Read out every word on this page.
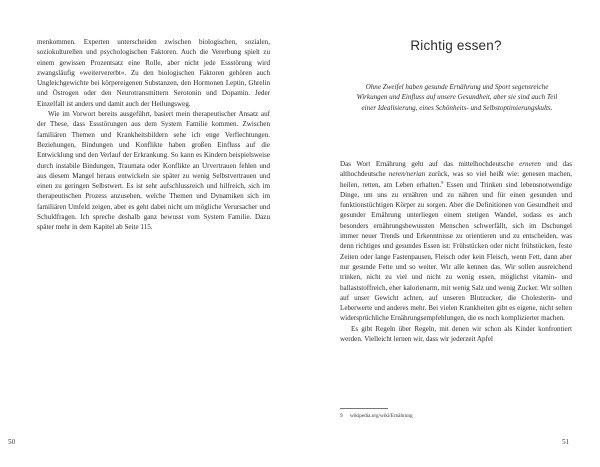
menkommen. Experten unterscheiden zwischen biologischen, sozialen, soziokulturellen und psychologischen Faktoren. Auch die Vererbung spielt zu einem gewissen Prozentsatz eine Rolle, aber nicht jede Essstörung wird zwangsläufig »weitervererbt«. Zu den biologischen Faktoren gehören auch Ungleichgewichte bei körpereigenen Substanzen, den Hormonen Leptin, Ghrelin und Östrogen oder den Neurotransmittern Serotonin und Dopamin. Jeder Einzelfall ist anders und damit auch der Heilungsweg.

Wie im Vorwort bereits ausgeführt, basiert mein therapeutischer Ansatz auf der These, dass Essstörungen aus dem System Familie kommen. Zwischen familiären Themen und Krankheitsbildern sehe ich enge Verflechtungen. Beziehungen, Bindungen und Konflikte haben großen Einfluss auf die Entwicklung und den Verlauf der Erkrankung. So kann es Kindern beispielsweise durch instabile Bindungen, Traumata oder Konflikte an Urvertrauen fehlen und aus diesem Mangel heraus entwickeln sie später zu wenig Selbstvertrauen und einen zu geringen Selbstwert. Es ist sehr aufschlussreich und hilfreich, sich im therapeutischen Prozess anzusehen, welche Themen und Dynamiken sich im familiären Umfeld zeigen, aber es geht dabei nicht um mögliche Verursacher und Schuldfragen. Ich spreche deshalb ganz bewusst vom System Familie. Dazu später mehr in dem Kapitel ab Seite 115.

50
Richtig essen?
Ohne Zweifel haben gesunde Ernährung und Sport segensreiche Wirkungen und Einfluss auf unsere Gesundheit, aber sie sind auch Teil einer Idealisierung, eines Schönheits- und Selbstoptimierungskults.

Das Wort Ernährung geht auf das mittelhochdeutsche erneren und das althochdeutsche neren/nerian zurück, was so viel heißt wie: genesen machen, heilen, retten, am Leben erhalten.$^9$ Essen und Trinken sind lebensnotwendige Dinge, um uns zu ernähren und zu nähren und für einen gesunden und funktionstüchtigen Körper zu sorgen. Aber die Definitionen von Gesundheit und gesunder Ernährung unterliegen einem stetigen Wandel, sodass es auch besonders ernährungsbewussten Menschen schwerfällt, sich im Dschungel immer neuer Trends und Erkenntnisse zu orientieren und zu entscheiden, was denn richtiges und gesundes Essen ist: Frühstücken oder nicht frühstücken, feste Zeiten oder lange Fastenpausen, Fleisch oder kein Fleisch, wenn Fett, dann aber nur gesunde Fette und so weiter. Wir alle kennen das. Wir sollen ausreichend trinken, nicht zu viel und nicht zu wenig essen, möglichst vitamin- und ballaststoffreich, eher kalorienarm, mit wenig Salz und wenig Zucker. Wir sollten auf unser Gewicht achten, auf unseren Blutzucker, die Cholesterin- und Leberwerte und anderes mehr. Bei vielen Krankheiten gibt es eigene, nicht selten widersprüchliche Ernährungsempfehlungen, die es noch komplizierter machen.

Es gibt Regeln über Regeln, mit denen wir schon als Kinder konfrontiert werden. Vielleicht lernen wir, dass wir jederzeit Apfel

9 wikipedia.org/wiki/Ernährung
51
